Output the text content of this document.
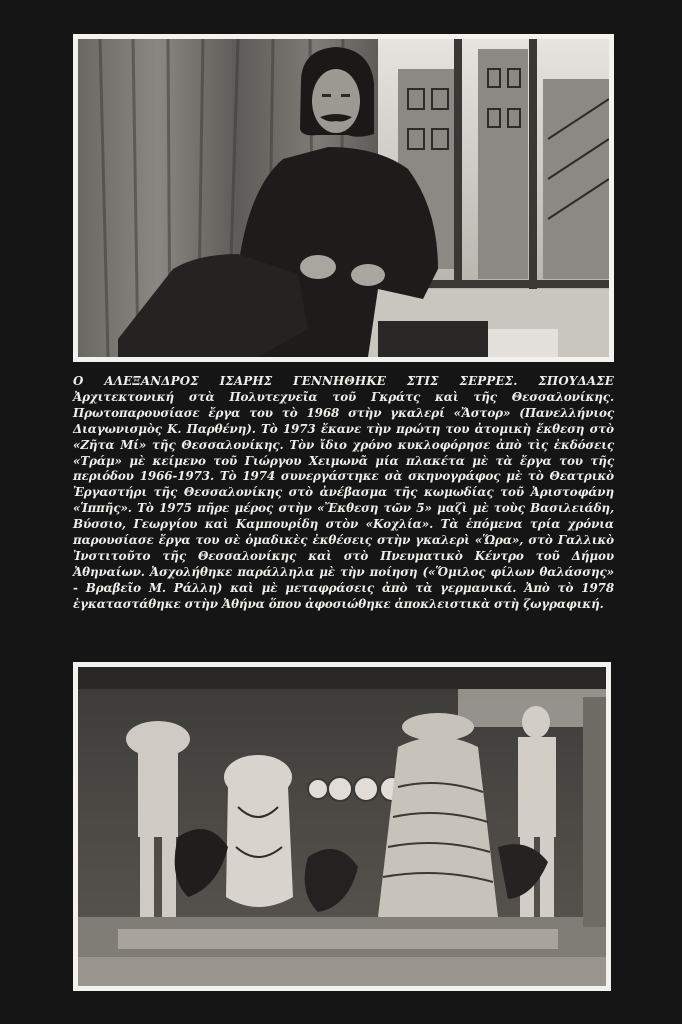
Ο ΑΛΕΞΑΝΔΡΟΣ ΙΣΑΡΗΣ ΓΕΝΝΗΘΗΚΕ ΣΤΙΣ ΣΕΡΡΕΣ. ΣΠΟΥΔΑΣΕ Ἀρχιτεκτονική στὰ Πολυτεχνεῖα τοῦ Γκράτς καὶ τῆς Θεσσαλονίκης. Πρωτοπαρουσίασε ἔργα του τὸ 1968 στὴν γκαλερί «Ἄστορ» (Πανελλήνιος Διαγωνισμὸς Κ. Παρθένη). Τὸ 1973 ἔκανε τὴν πρώτη του ἀτομικὴ ἔκθεση στὸ «Ζῆτα Μί» τῆς Θεσσαλονίκης. Τὸν ἴδιο χρόνο κυκλοφόρησε ἀπὸ τὶς ἐκδόσεις «Τράμ» μὲ κείμενο τοῦ Γιώργου Χειμωνᾶ μία πλακέτα μὲ τὰ ἔργα του τῆς περιόδου 1966-1973. Τὸ 1974 συνεργάστηκε σὰ σκηνογράφος μὲ τὸ Θεατρικὸ Ἐργαστήρι τῆς Θεσσαλονίκης στὸ ἀνέβασμα τῆς κωμωδίας τοῦ Ἀριστοφάνη «Ἱππῆς». Τὸ 1975 πῆρε μέρος στὴν «Ἔκθεση τῶν 5» μαζὶ μὲ τοὺς Βασιλειάδη, Βύσσιο, Γεωργίου καὶ Καμπουρίδη στὸν «Κοχλία». Τὰ ἑπόμενα τρία χρόνια παρουσίασε ἔργα του σὲ ὁμαδικὲς ἐκθέσεις στὴν γκαλερὶ «Ὥρα», στὸ Γαλλικὸ Ἰνστιτοῦτο τῆς Θεσσαλονίκης καὶ στὸ Πνευματικὸ Κέντρο τοῦ Δήμου Ἀθηναίων. Ἀσχολήθηκε παράλληλα μὲ τὴν ποίηση («Ὅμιλος φίλων θαλάσσης» - Βραβεῖο Μ. Ράλλη) καὶ μὲ μεταφράσεις ἀπὸ τὰ γερμανικά. Ἀπὸ τὸ 1978 ἐγκαταστάθηκε στὴν Ἀθήνα ὅπου ἀφοσιώθηκε ἀποκλειστικὰ στὴ ζωγραφική.
